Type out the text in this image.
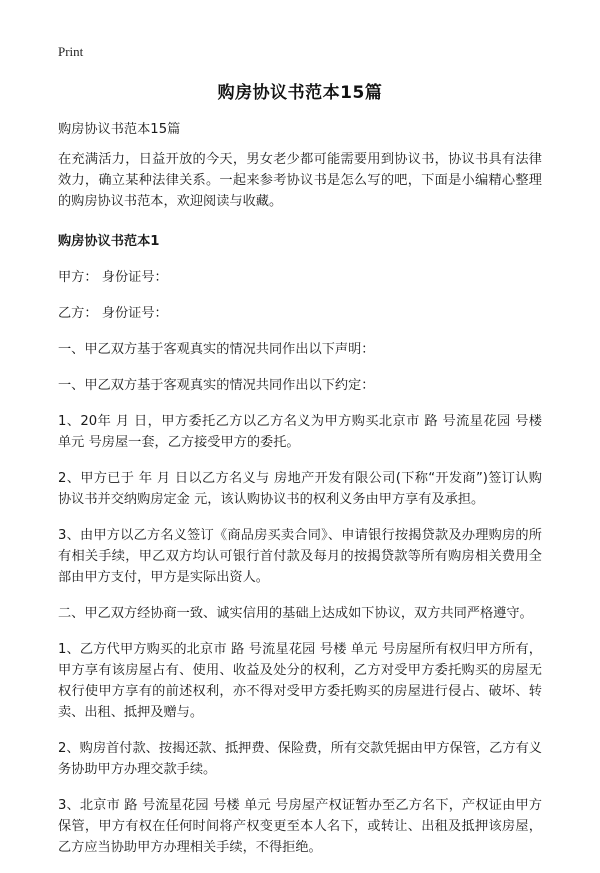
Print
购房协议书范本15篇

购房协议书范本15篇

在充满活力，日益开放的今天，男女老少都可能需要用到协议书，协议书具有法律效力，确立某种法律关系。一起来参考协议书是怎么写的吧，下面是小编精心整理的购房协议书范本，欢迎阅读与收藏。

购房协议书范本1

甲方： 身份证号：

乙方： 身份证号：

一、甲乙双方基于客观真实的情况共同作出以下声明：

一、甲乙双方基于客观真实的情况共同作出以下约定：

1、20年 月 日，甲方委托乙方以乙方名义为甲方购买北京市 路 号流星花园 号楼 单元 号房屋一套，乙方接受甲方的委托。

2、甲方已于 年 月 日以乙方名义与 房地产开发有限公司(下称“开发商”)签订认购协议书并交纳购房定金 元，该认购协议书的权利义务由甲方享有及承担。

3、由甲方以乙方名义签订《商品房买卖合同》、申请银行按揭贷款及办理购房的所有相关手续，甲乙双方均认可银行首付款及每月的按揭贷款等所有购房相关费用全部由甲方支付，甲方是实际出资人。

二、甲乙双方经协商一致、诚实信用的基础上达成如下协议，双方共同严格遵守。

1、乙方代甲方购买的北京市 路 号流星花园 号楼 单元 号房屋所有权归甲方所有，甲方享有该房屋占有、使用、收益及处分的权利，乙方对受甲方委托购买的房屋无权行使甲方享有的前述权利，亦不得对受甲方委托购买的房屋进行侵占、破坏、转卖、出租、抵押及赠与。

2、购房首付款、按揭还款、抵押费、保险费，所有交款凭据由甲方保管，乙方有义务协助甲方办理交款手续。

3、北京市 路 号流星花园 号楼 单元 号房屋产权证暂办至乙方名下，产权证由甲方保管，甲方有权在任何时间将产权变更至本人名下，或转让、出租及抵押该房屋，乙方应当协助甲方办理相关手续，不得拒绝。
